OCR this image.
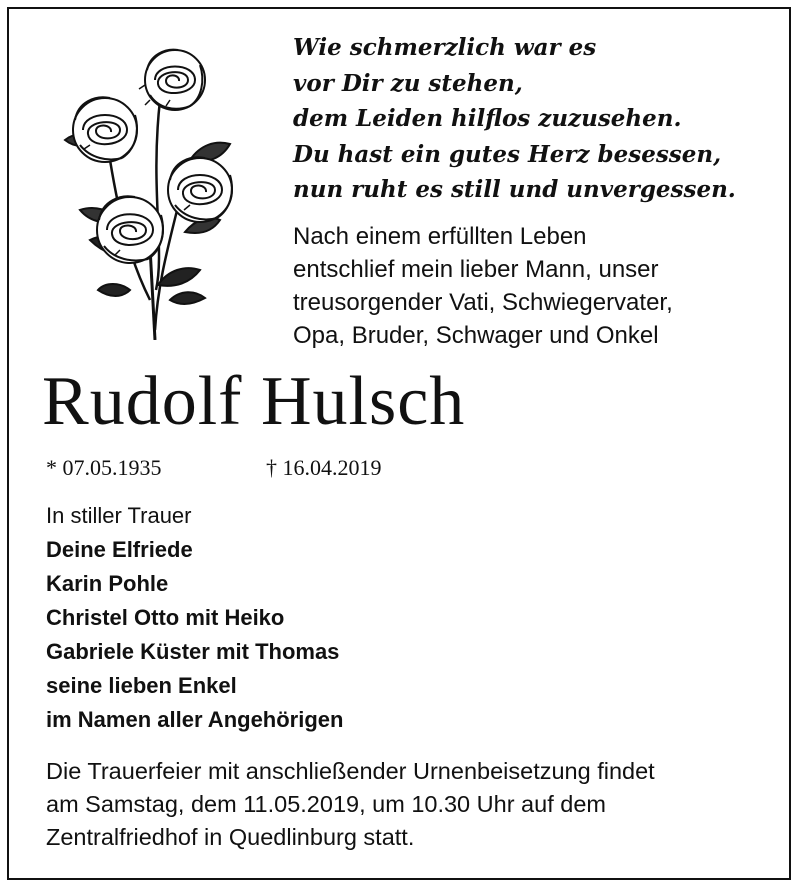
Wie schmerzlich war es
vor Dir zu stehen,
dem Leiden hilflos zuzusehen.
Du hast ein gutes Herz besessen,
nun ruht es still und unvergessen.
Nach einem erfüllten Leben
entschlief mein lieber Mann, unser
treusorgender Vati, Schwiegervater,
Opa, Bruder, Schwager und Onkel
Rudolf Hulsch
* 07.05.1935	† 16.04.2019
In stiller Trauer
Deine Elfriede
Karin Pohle
Christel Otto mit Heiko
Gabriele Küster mit Thomas
seine lieben Enkel
im Namen aller Angehörigen
Die Trauerfeier mit anschließender Urnenbeisetzung findet
am Samstag, dem 11.05.2019, um 10.30 Uhr auf dem
Zentralfriedhof in Quedlinburg statt.
